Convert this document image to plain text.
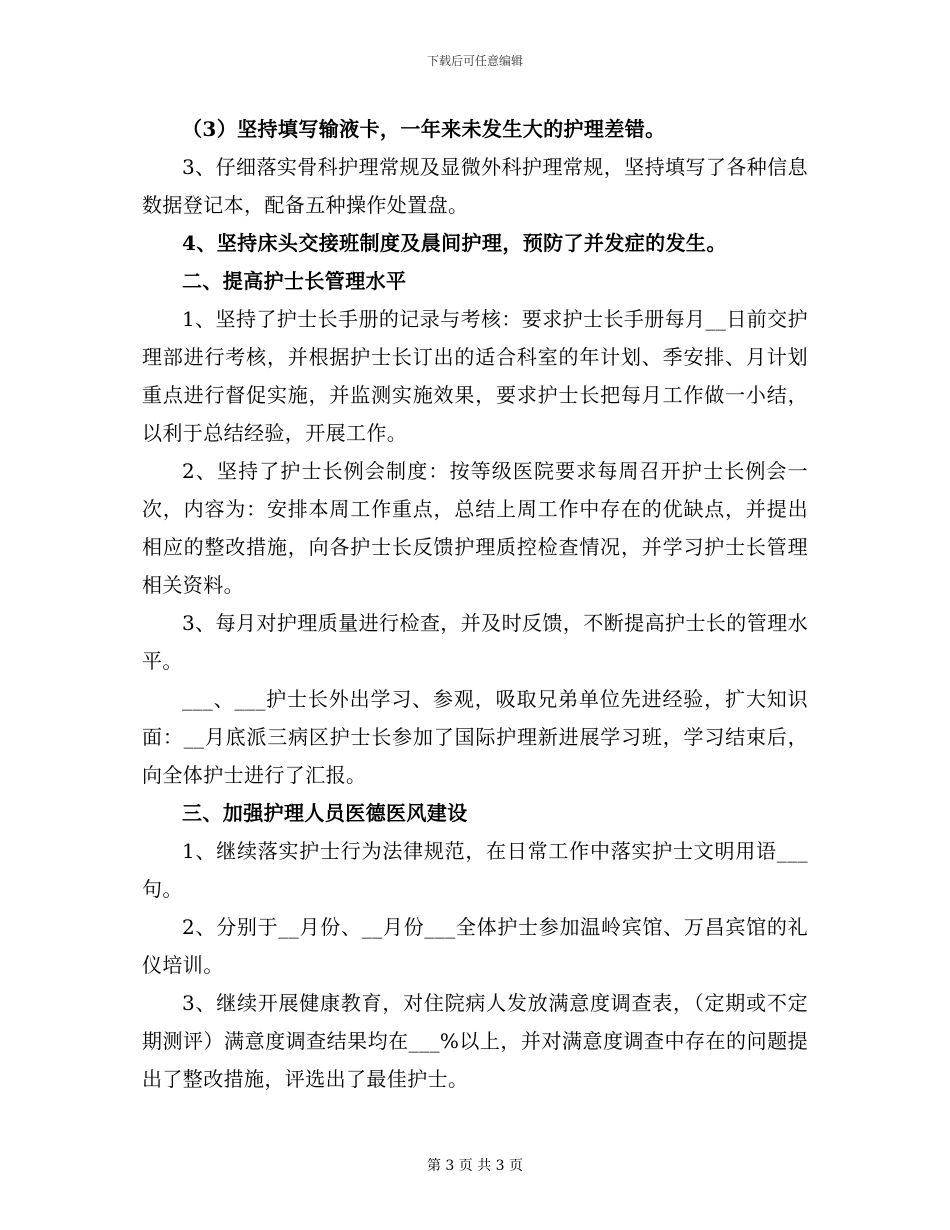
下载后可任意编辑

（3）坚持填写输液卡，一年来未发生大的护理差错。

3、仔细落实骨科护理常规及显微外科护理常规，坚持填写了各种信息数据登记本，配备五种操作处置盘。

4、坚持床头交接班制度及晨间护理，预防了并发症的发生。

二、提高护士长管理水平

1、坚持了护士长手册的记录与考核：要求护士长手册每月__日前交护理部进行考核，并根据护士长订出的适合科室的年计划、季安排、月计划重点进行督促实施，并监测实施效果，要求护士长把每月工作做一小结，以利于总结经验，开展工作。

2、坚持了护士长例会制度：按等级医院要求每周召开护士长例会一次，内容为：安排本周工作重点，总结上周工作中存在的优缺点，并提出相应的整改措施，向各护士长反馈护理质控检查情况，并学习护士长管理相关资料。

3、每月对护理质量进行检查，并及时反馈，不断提高护士长的管理水平。

___、___护士长外出学习、参观，吸取兄弟单位先进经验，扩大知识面：__月底派三病区护士长参加了国际护理新进展学习班，学习结束后，向全体护士进行了汇报。

三、加强护理人员医德医风建设

1、继续落实护士行为法律规范，在日常工作中落实护士文明用语___句。

2、分别于__月份、__月份___全体护士参加温岭宾馆、万昌宾馆的礼仪培训。

3、继续开展健康教育，对住院病人发放满意度调查表，（定期或不定期测评）满意度调查结果均在___%以上，并对满意度调查中存在的问题提出了整改措施，评选出了最佳护士。

第 3 页 共 3 页
